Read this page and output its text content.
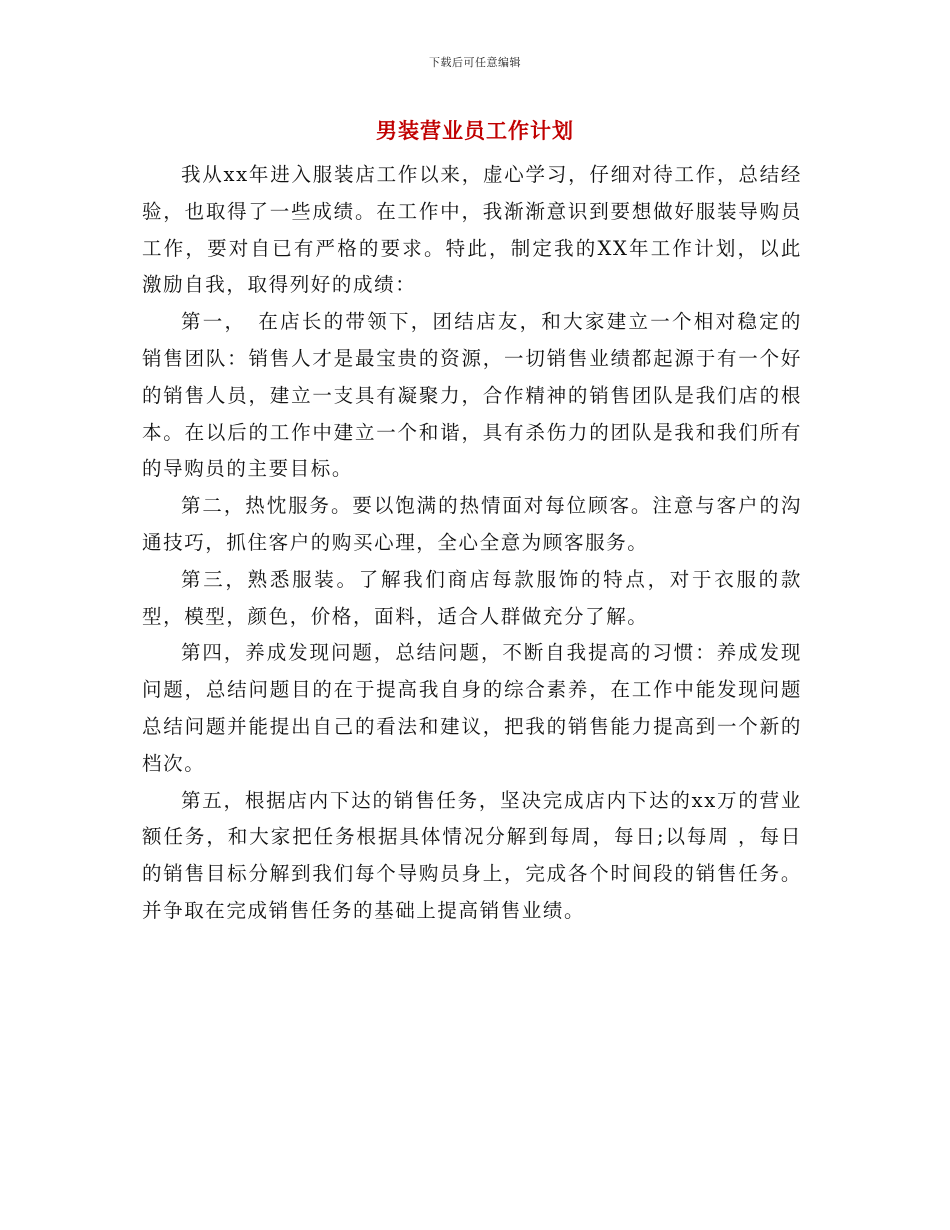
下载后可任意编辑
男装营业员工作计划

我从xx年进入服装店工作以来，虚心学习，仔细对待工作，总结经验，也取得了一些成绩。在工作中，我渐渐意识到要想做好服装导购员工作，要对自已有严格的要求。特此，制定我的XX年工作计划，以此激励自我，取得列好的成绩：

第一，　在店长的带领下，团结店友，和大家建立一个相对稳定的销售团队：销售人才是最宝贵的资源，一切销售业绩都起源于有一个好的销售人员，建立一支具有凝聚力，合作精神的销售团队是我们店的根本。在以后的工作中建立一个和谐，具有杀伤力的团队是我和我们所有的导购员的主要目标。

第二，热忱服务。要以饱满的热情面对每位顾客。注意与客户的沟通技巧，抓住客户的购买心理，全心全意为顾客服务。

第三，熟悉服装。了解我们商店每款服饰的特点，对于衣服的款型，模型，颜色，价格，面料，适合人群做充分了解。

第四，养成发现问题，总结问题，不断自我提高的习惯：养成发现问题，总结问题目的在于提高我自身的综合素养，在工作中能发现问题总结问题并能提出自己的看法和建议，把我的销售能力提高到一个新的档次。

第五，根据店内下达的销售任务，坚决完成店内下达的xx万的营业额任务，和大家把任务根据具体情况分解到每周，每日;以每周 ，每日的销售目标分解到我们每个导购员身上，完成各个时间段的销售任务。并争取在完成销售任务的基础上提高销售业绩。
